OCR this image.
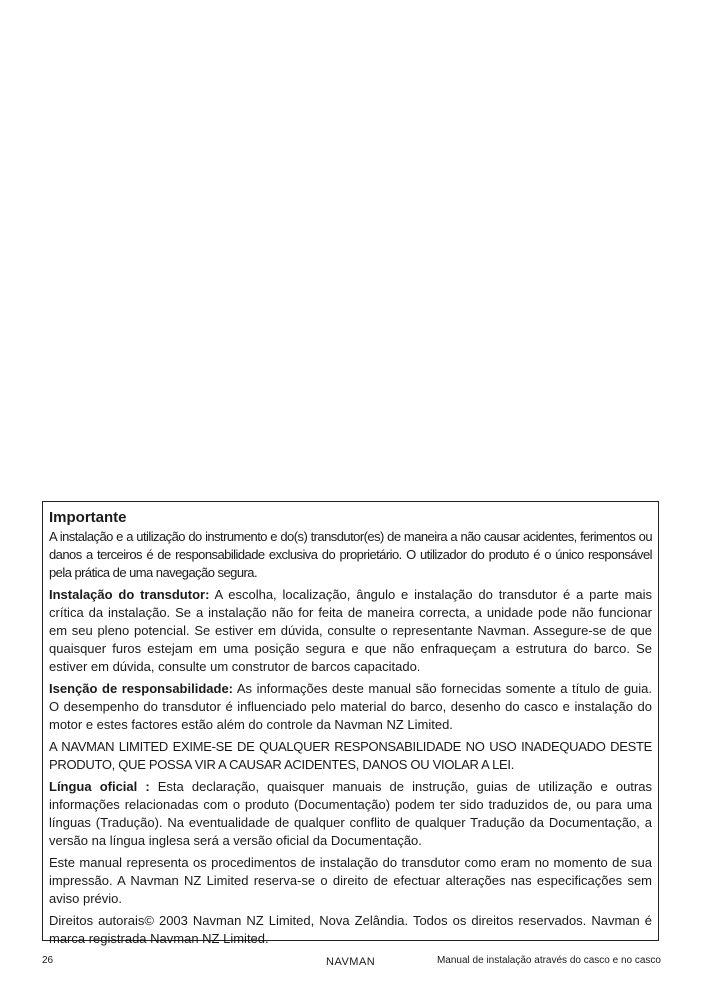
Importante

A instalação e a utilização do instrumento e do(s) transdutor(es) de maneira a não causar acidentes, ferimentos ou danos a terceiros é de responsabilidade exclusiva do proprietário. O utilizador do produto é o único responsável pela prática de uma navegação segura.

Instalação do transdutor: A escolha, localização, ângulo e instalação do transdutor é a parte mais crítica da instalação. Se a instalação não for feita de maneira correcta, a unidade pode não funcionar em seu pleno potencial. Se estiver em dúvida, consulte o representante Navman. Assegure-se de que quaisquer furos estejam em uma posição segura e que não enfraqueçam a estrutura do barco. Se estiver em dúvida, consulte um construtor de barcos capacitado.

Isenção de responsabilidade: As informações deste manual são fornecidas somente a título de guia. O desempenho do transdutor é influenciado pelo material do barco, desenho do casco e instalação do motor e estes factores estão além do controle da Navman NZ Limited.

A NAVMAN LIMITED EXIME-SE DE QUALQUER RESPONSABILIDADE NO USO INADEQUADO DESTE PRODUTO, QUE POSSA VIR A CAUSAR ACIDENTES, DANOS OU VIOLAR A LEI.

Língua oficial : Esta declaração, quaisquer manuais de instrução, guias de utilização e outras informações relacionadas com o produto (Documentação) podem ter sido traduzidos de, ou para uma línguas (Tradução). Na eventualidade de qualquer conflito de qualquer Tradução da Documentação, a versão na língua inglesa será a versão oficial da Documentação.

Este manual representa os procedimentos de instalação do transdutor como eram no momento de sua impressão. A Navman NZ Limited reserva-se o direito de efectuar alterações nas especificações sem aviso prévio.

Direitos autorais© 2003 Navman NZ Limited, Nova Zelândia. Todos os direitos reservados. Navman é marca registrada Navman NZ Limited.

26	NAVMAN	Manual de instalação através do casco e no casco
